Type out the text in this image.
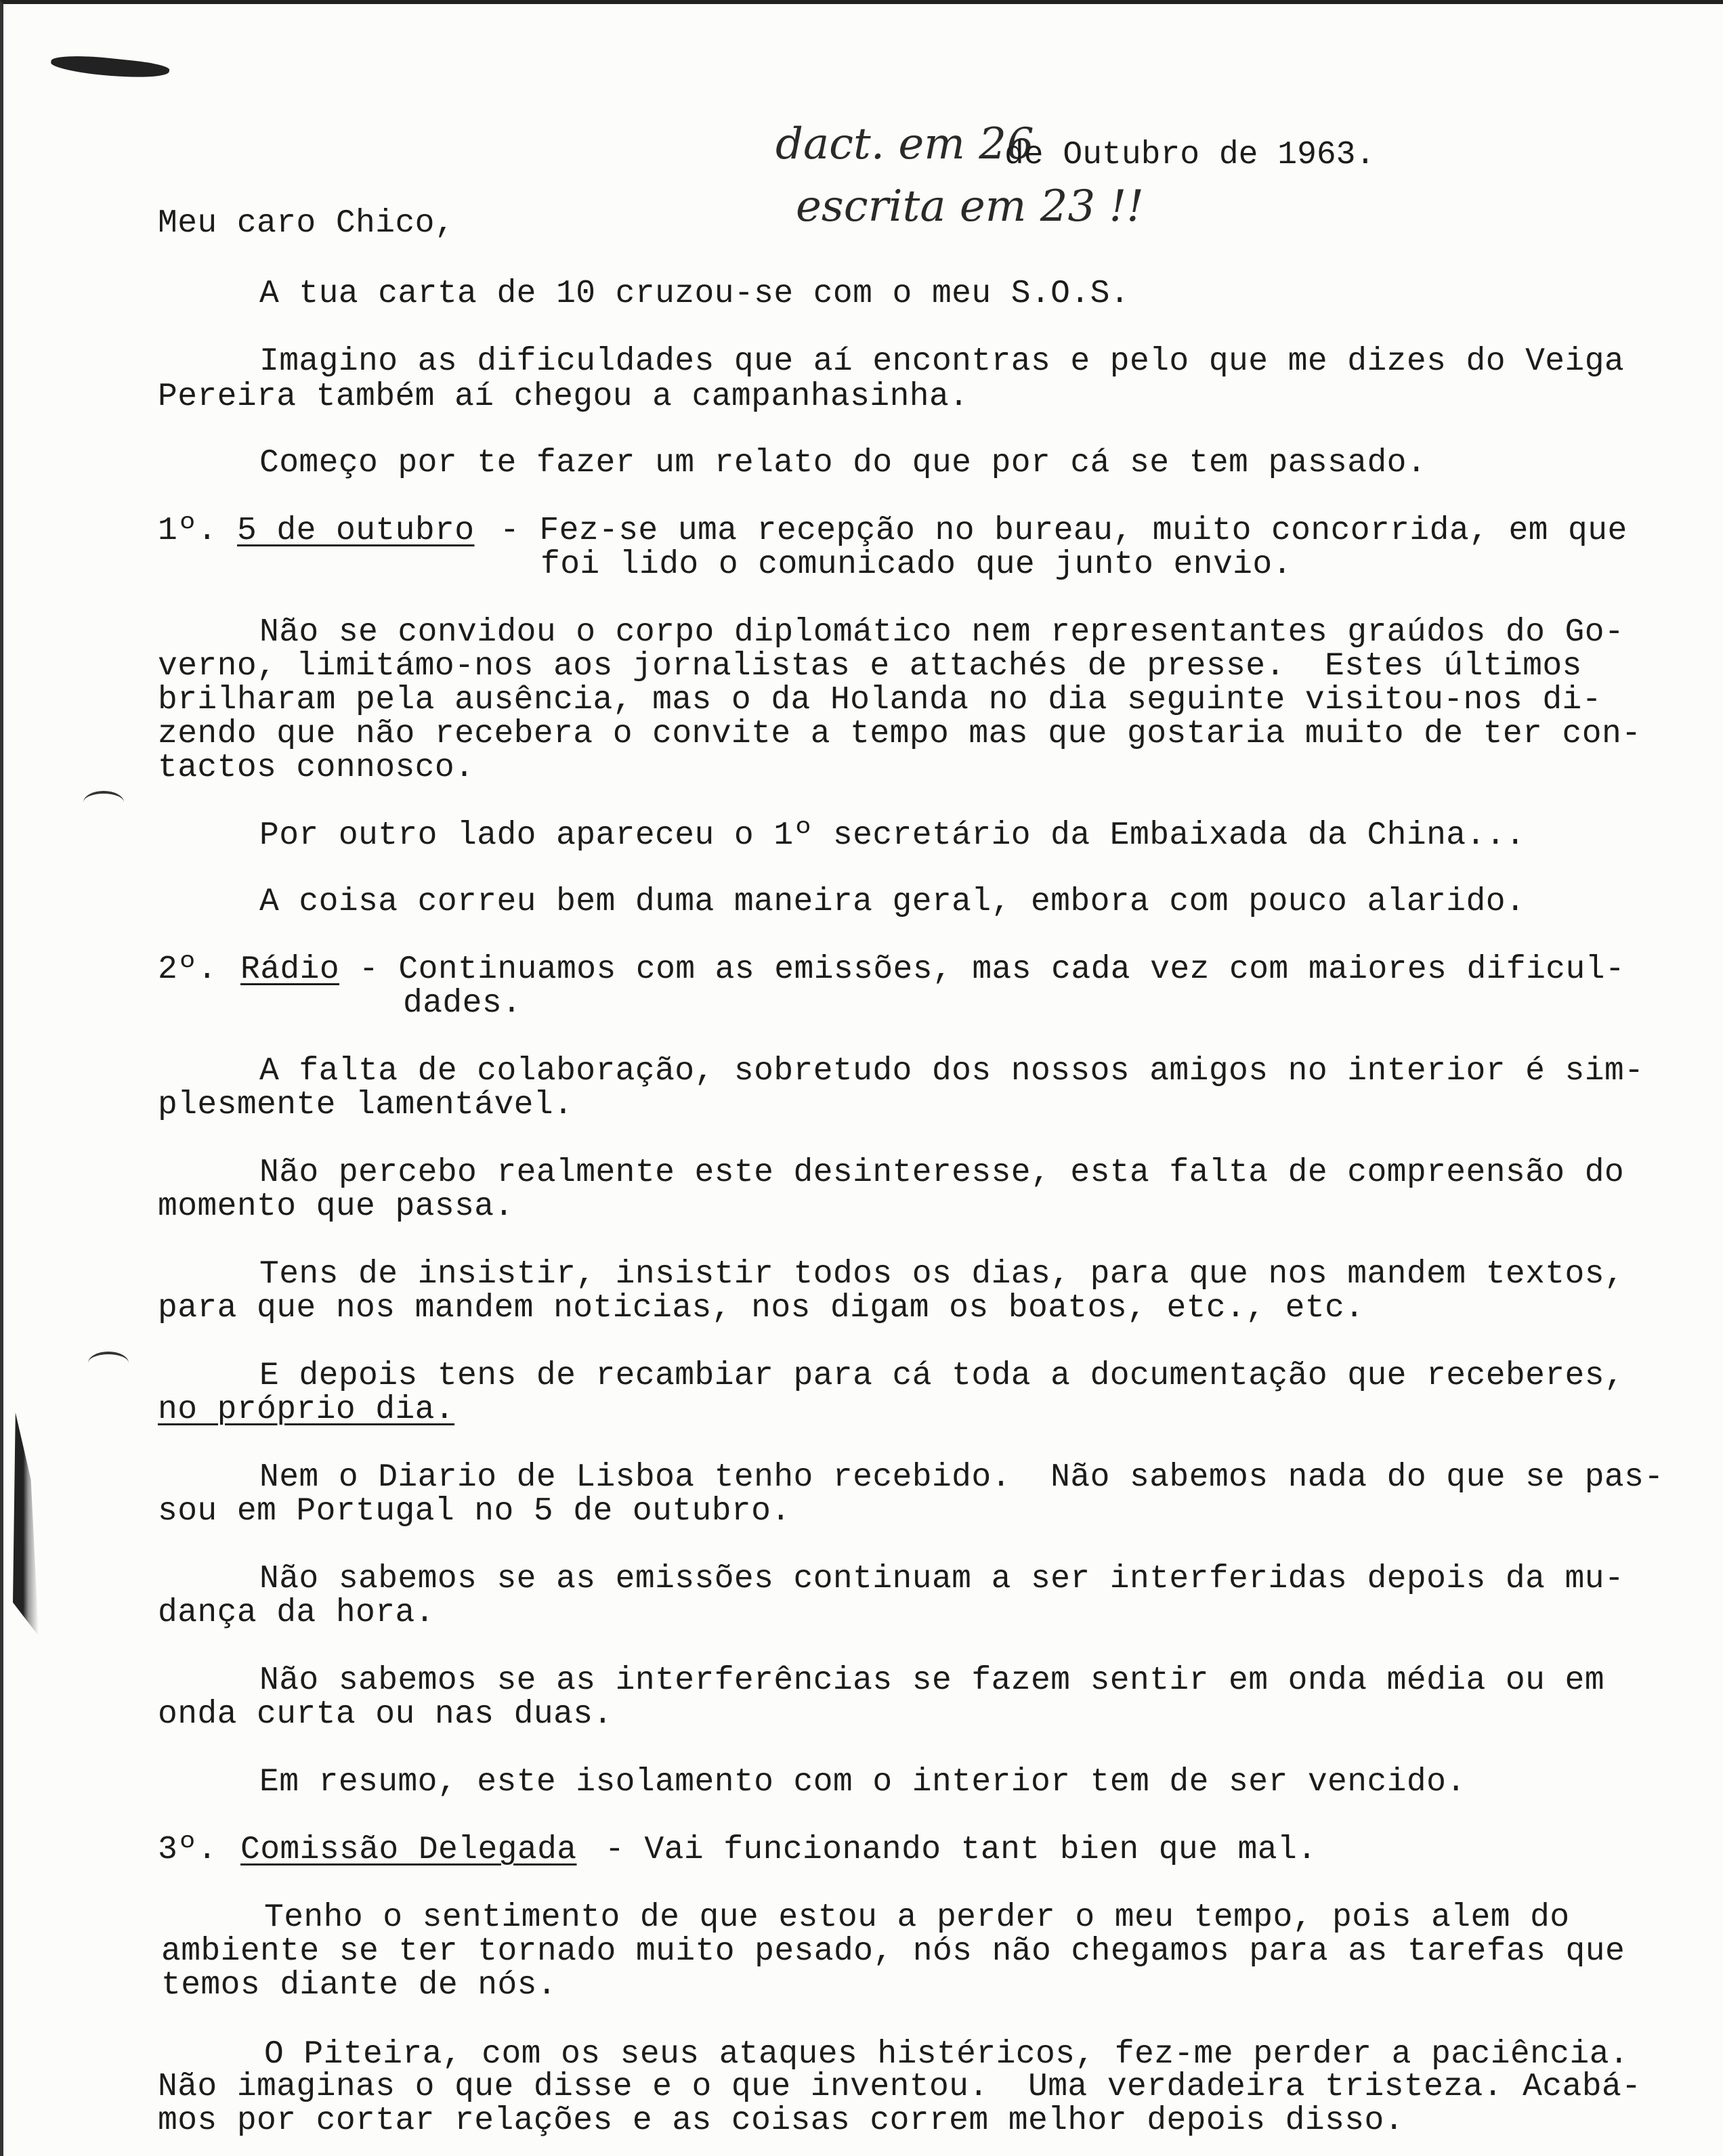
dact. em 26
de Outubro de 1963.
escrita em 23 !!
Meu caro Chico,
A tua carta de 10 cruzou-se com o meu S.O.S.
Imagino as dificuldades que aí encontras e pelo que me dizes do Veiga
Pereira também aí chegou a campanhasinha.
Começo por te fazer um relato do que por cá se tem passado.
1º. 5 de outubro - Fez-se uma recepção no bureau, muito concorrida, em que
foi lido o comunicado que junto envio.
Não se convidou o corpo diplomático nem representantes graúdos do Go-
verno, limitámo-nos aos jornalistas e attachés de presse.  Estes últimos
brilharam pela ausência, mas o da Holanda no dia seguinte visitou-nos di-
zendo que não recebera o convite a tempo mas que gostaria muito de ter con-
tactos connosco.
Por outro lado apareceu o 1º secretário da Embaixada da China...
A coisa correu bem duma maneira geral, embora com pouco alarido.
2º. Rádio - Continuamos com as emissões, mas cada vez com maiores dificul-
dades.
A falta de colaboração, sobretudo dos nossos amigos no interior é sim-
plesmente lamentável.
Não percebo realmente este desinteresse, esta falta de compreensão do
momento que passa.
Tens de insistir, insistir todos os dias, para que nos mandem textos,
para que nos mandem noticias, nos digam os boatos, etc., etc.
E depois tens de recambiar para cá toda a documentação que receberes,
no próprio dia.
Nem o Diario de Lisboa tenho recebido.  Não sabemos nada do que se pas-
sou em Portugal no 5 de outubro.
Não sabemos se as emissões continuam a ser interferidas depois da mu-
dança da hora.
Não sabemos se as interferências se fazem sentir em onda média ou em
onda curta ou nas duas.
Em resumo, este isolamento com o interior tem de ser vencido.
3º. Comissão Delegada - Vai funcionando tant bien que mal.
Tenho o sentimento de que estou a perder o meu tempo, pois alem do
ambiente se ter tornado muito pesado, nós não chegamos para as tarefas que
temos diante de nós.
O Piteira, com os seus ataques histéricos, fez-me perder a paciência.
Não imaginas o que disse e o que inventou.  Uma verdadeira tristeza. Acabá-
mos por cortar relações e as coisas correm melhor depois disso.
